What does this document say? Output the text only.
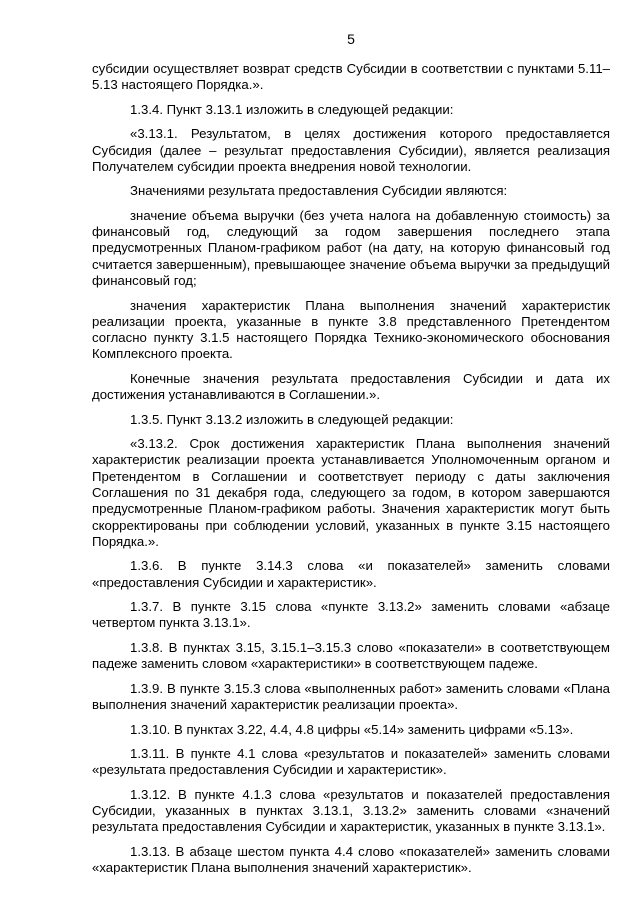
5

субсидии осуществляет возврат средств Субсидии в соответствии с пунктами 5.11–5.13 настоящего Порядка.».

1.3.4. Пункт 3.13.1 изложить в следующей редакции:

«3.13.1. Результатом, в целях достижения которого предоставляется Субсидия (далее – результат предоставления Субсидии), является реализация Получателем субсидии проекта внедрения новой технологии.

Значениями результата предоставления Субсидии являются:

значение объема выручки (без учета налога на добавленную стоимость) за финансовый год, следующий за годом завершения последнего этапа предусмотренных Планом-графиком работ (на дату, на которую финансовый год считается завершенным), превышающее значение объема выручки за предыдущий финансовый год;

значения характеристик Плана выполнения значений характеристик реализации проекта, указанные в пункте 3.8 представленного Претендентом согласно пункту 3.1.5 настоящего Порядка Технико-экономического обоснования Комплексного проекта.

Конечные значения результата предоставления Субсидии и дата их достижения устанавливаются в Соглашении.».

1.3.5. Пункт 3.13.2 изложить в следующей редакции:

«3.13.2. Срок достижения характеристик Плана выполнения значений характеристик реализации проекта устанавливается Уполномоченным органом и Претендентом в Соглашении и соответствует периоду с даты заключения Соглашения по 31 декабря года, следующего за годом, в котором завершаются предусмотренные Планом-графиком работы. Значения характеристик могут быть скорректированы при соблюдении условий, указанных в пункте 3.15 настоящего Порядка.».

1.3.6. В пункте 3.14.3 слова «и показателей» заменить словами «предоставления Субсидии и характеристик».

1.3.7. В пункте 3.15 слова «пункте 3.13.2» заменить словами «абзаце четвертом пункта 3.13.1».

1.3.8. В пунктах 3.15, 3.15.1–3.15.3 слово «показатели» в соответствующем падеже заменить словом «характеристики» в соответствующем падеже.

1.3.9. В пункте 3.15.3 слова «выполненных работ» заменить словами «Плана выполнения значений характеристик реализации проекта».

1.3.10. В пунктах 3.22, 4.4, 4.8 цифры «5.14» заменить цифрами «5.13».

1.3.11. В пункте 4.1 слова «результатов и показателей» заменить словами «результата предоставления Субсидии и характеристик».

1.3.12. В пункте 4.1.3 слова «результатов и показателей предоставления Субсидии, указанных в пунктах 3.13.1, 3.13.2» заменить словами «значений результата предоставления Субсидии и характеристик, указанных в пункте 3.13.1».

1.3.13. В абзаце шестом пункта 4.4 слово «показателей» заменить словами «характеристик Плана выполнения значений характеристик».
